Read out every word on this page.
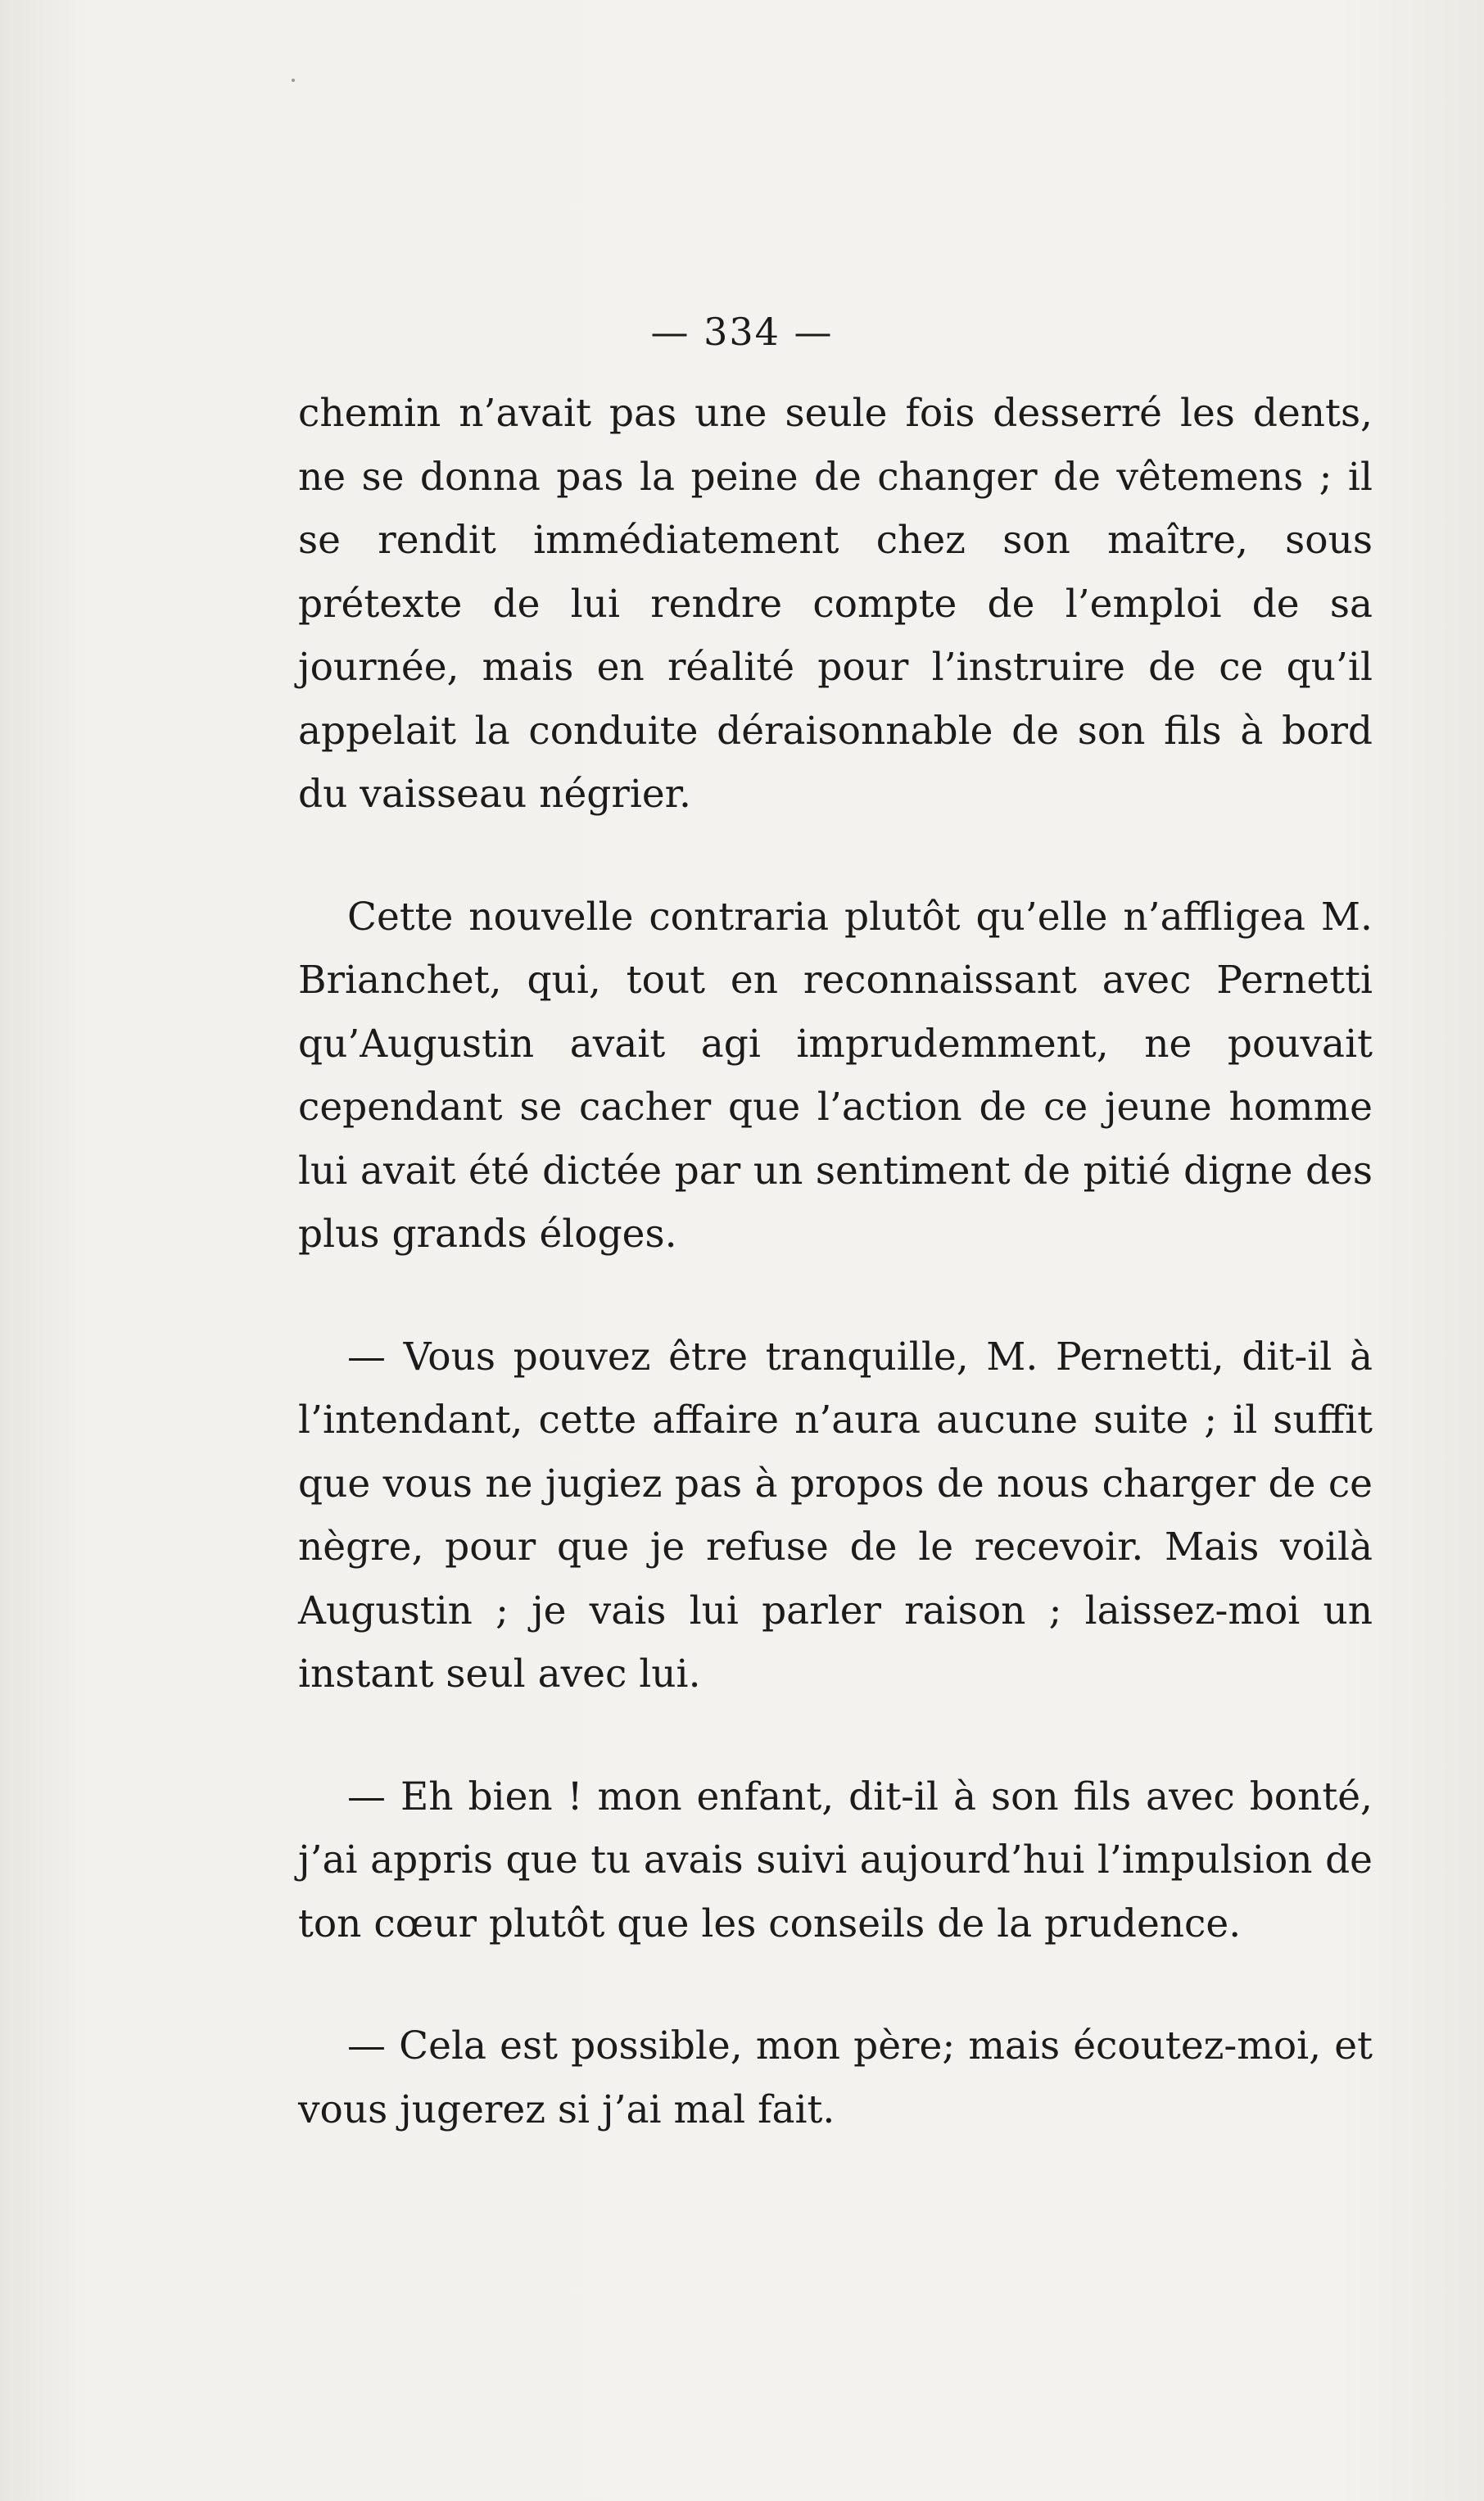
— 334 —

chemin n’avait pas une seule fois desserré les dents, ne se donna pas la peine de changer de vêtemens ; il se rendit immédiatement chez son maître, sous prétexte de lui rendre compte de l’emploi de sa journée, mais en réalité pour l’instruire de ce qu’il appelait la conduite déraisonnable de son fils à bord du vaisseau négrier.

Cette nouvelle contraria plutôt qu’elle n’affligea M. Brianchet, qui, tout en reconnaissant avec Pernetti qu’Augustin avait agi imprudemment, ne pouvait cependant se cacher que l’action de ce jeune homme lui avait été dictée par un sentiment de pitié digne des plus grands éloges.

— Vous pouvez être tranquille, M. Pernetti, dit-il à l’intendant, cette affaire n’aura aucune suite ; il suffit que vous ne jugiez pas à propos de nous charger de ce nègre, pour que je refuse de le recevoir. Mais voilà Augustin ; je vais lui parler raison ; laissez-moi un instant seul avec lui.

— Eh bien ! mon enfant, dit-il à son fils avec bonté, j’ai appris que tu avais suivi aujourd’hui l’impulsion de ton cœur plutôt que les conseils de la prudence.

— Cela est possible, mon père; mais écoutez-moi, et vous jugerez si j’ai mal fait.
